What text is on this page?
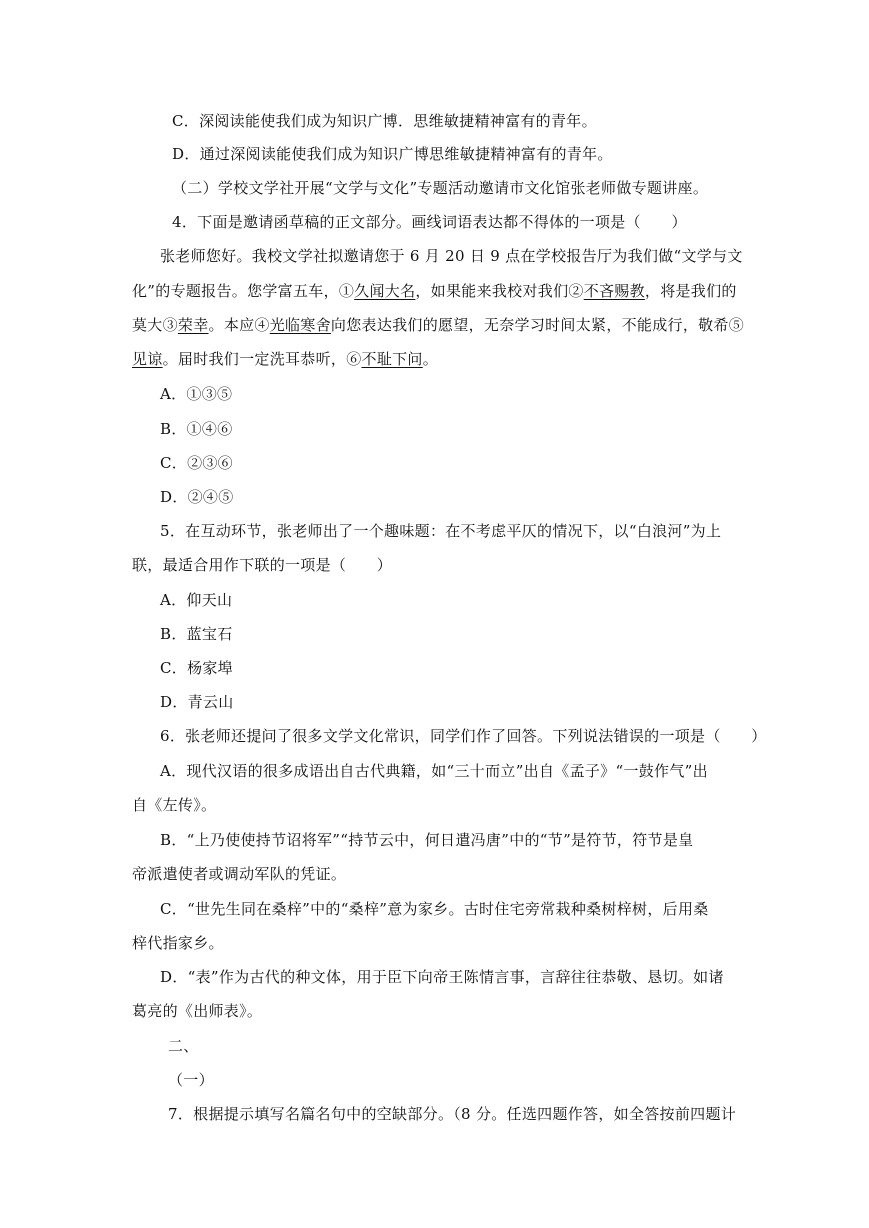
C．深阅读能使我们成为知识广博．思维敏捷精神富有的青年。
D．通过深阅读能使我们成为知识广博思维敏捷精神富有的青年。
（二）学校文学社开展“文学与文化”专题活动邀请市文化馆张老师做专题讲座。
4．下面是邀请函草稿的正文部分。画线词语表达都不得体的一项是（　　）
张老师您好。我校文学社拟邀请您于 6 月 20 日 9 点在学校报告厅为我们做“文学与文
化”的专题报告。您学富五车，①久闻大名，如果能来我校对我们②不吝赐教，将是我们的
莫大③荣幸。本应④光临寒舍向您表达我们的愿望，无奈学习时间太紧，不能成行，敬希⑤
见谅。届时我们一定洗耳恭听，⑥不耻下问。
A．①③⑤
B．①④⑥
C．②③⑥
D．②④⑤
5．在互动环节，张老师出了一个趣味题：在不考虑平仄的情况下，以“白浪河”为上
联，最适合用作下联的一项是（　　）
A．仰天山
B．蓝宝石
C．杨家埠
D．青云山
6．张老师还提问了很多文学文化常识，同学们作了回答。下列说法错误的一项是（　　）
A．现代汉语的很多成语出自古代典籍，如“三十而立”出自《孟子》“一鼓作气”出
自《左传》。
B．“上乃使使持节诏将军”“持节云中，何日遣冯唐”中的“节”是符节，符节是皇
帝派遣使者或调动军队的凭证。
C．“世先生同在桑梓”中的“桑梓”意为家乡。古时住宅旁常栽种桑树梓树，后用桑
梓代指家乡。
D．“表”作为古代的种文体，用于臣下向帝王陈情言事，言辞往往恭敬、恳切。如诸
葛亮的《出师表》。
二、
（一）
7．根据提示填写名篇名句中的空缺部分。（8 分。任选四题作答，如全答按前四题计
